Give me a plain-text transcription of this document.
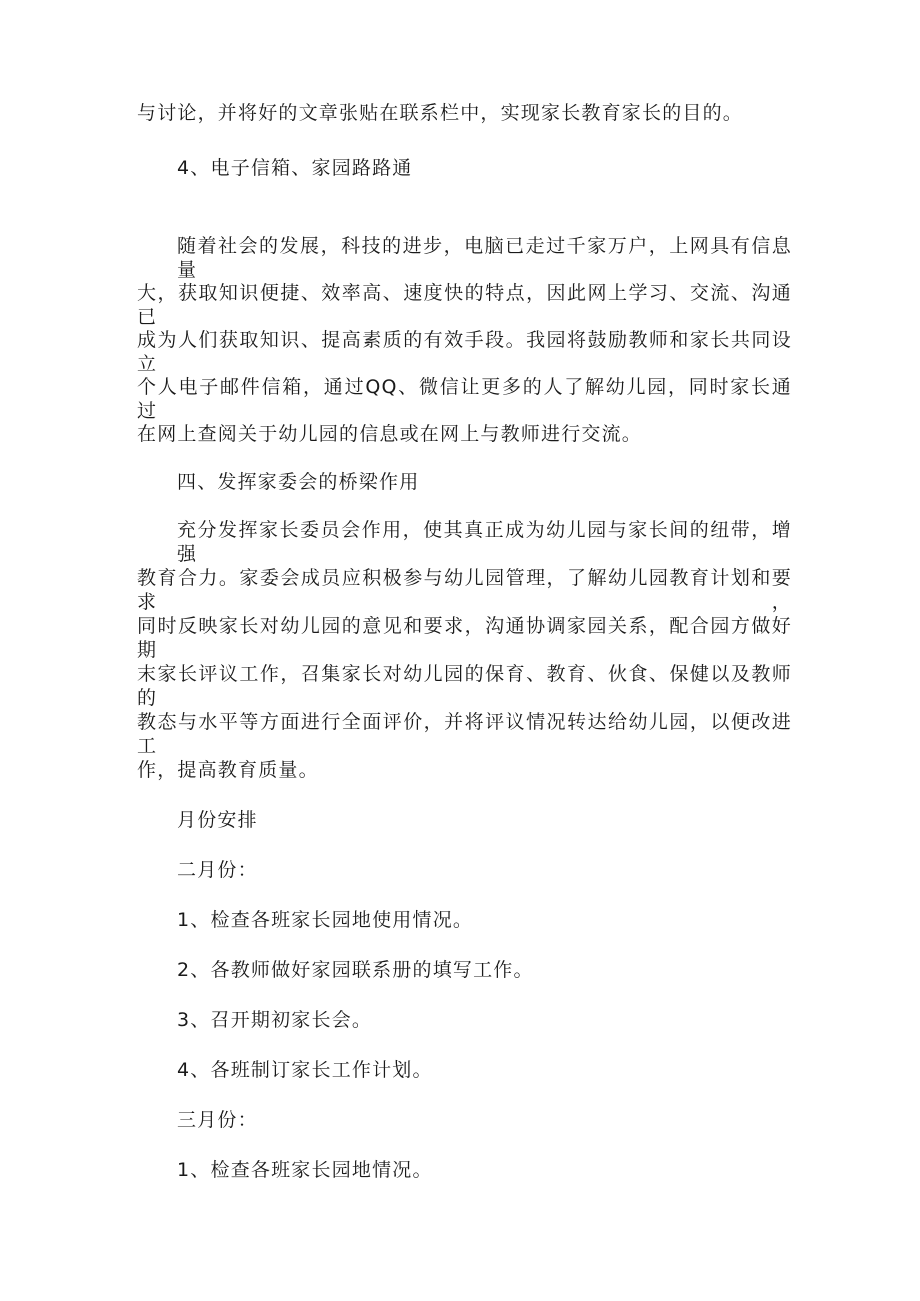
与讨论，并将好的文章张贴在联系栏中，实现家长教育家长的目的。
4、电子信箱、家园路路通
随着社会的发展，科技的进步，电脑已走过千家万户，上网具有信息量
大，获取知识便捷、效率高、速度快的特点，因此网上学习、交流、沟通已
成为人们获取知识、提高素质的有效手段。我园将鼓励教师和家长共同设立
个人电子邮件信箱，通过QQ、微信让更多的人了解幼儿园，同时家长通过
在网上查阅关于幼儿园的信息或在网上与教师进行交流。
四、发挥家委会的桥梁作用
充分发挥家长委员会作用，使其真正成为幼儿园与家长间的纽带，增强
教育合力。家委会成员应积极参与幼儿园管理，了解幼儿园教育计划和要求，
同时反映家长对幼儿园的意见和要求，沟通协调家园关系，配合园方做好期
末家长评议工作，召集家长对幼儿园的保育、教育、伙食、保健以及教师的
教态与水平等方面进行全面评价，并将评议情况转达给幼儿园，以便改进工
作，提高教育质量。
月份安排
二月份：
1、检查各班家长园地使用情况。
2、各教师做好家园联系册的填写工作。
3、召开期初家长会。
4、各班制订家长工作计划。
三月份：
1、检查各班家长园地情况。
